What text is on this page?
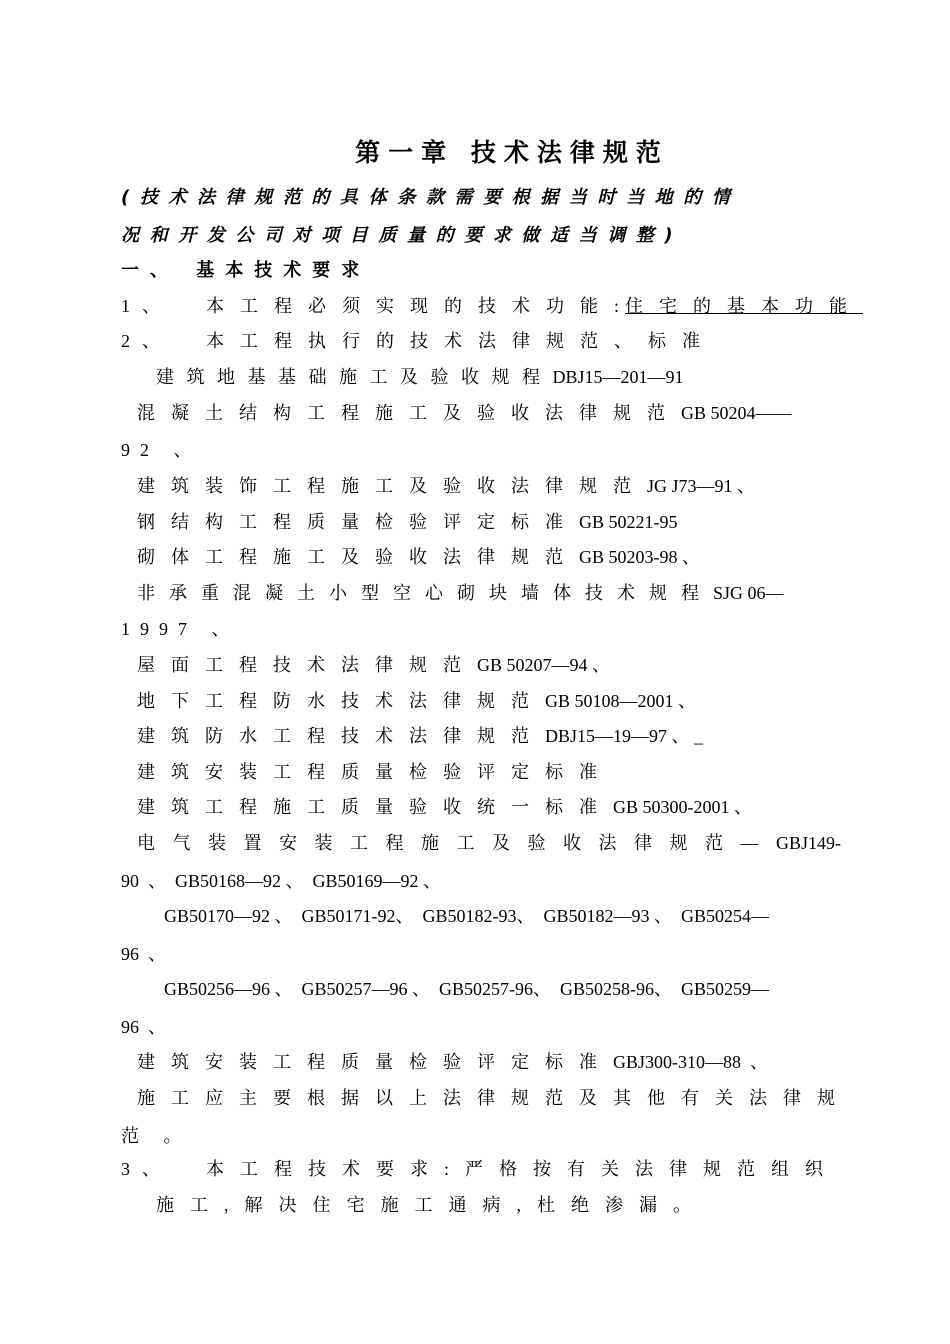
第一章 技术法律规范
(技术法律规范的具体条款需要根据当时当地的情
况和开发公司对项目质量的要求做适当调整)
一、 基本技术要求
1、 本工程必须实现的技术功能: 住宅的基本功能
2、 本工程执行的技术法律规范、标准
建筑地基基础施工及验收规程DBJ15—201—91
混凝土结构工程施工及验收法律规范GB 50204——
92 、
建筑装饰工程施工及验收法律规范JG J73—91 、
钢结构工程质量检验评定标准GB 50221-95
砌体工程施工及验收法律规范GB 50203-98 、
非承重混凝土小型空心砌块墙体技术规程SJG 06—
1997 、
屋面工程技术法律规范GB 50207—94 、
地下工程防水技术法律规范GB 50108—2001 、
建筑防水工程技术法律规范DBJ15—19—97 、 _
建筑安装工程质量检验评定标准
建筑工程施工质量验收统一标准GB 50300-2001 、
电气装置安装工程施工及验收法律规范—GBJ149-
90  、  GB50168—92 、  GB50169—92 、
GB50170—92 、  GB50171-92、  GB50182-93、  GB50182—93 、  GB50254—
96  、
GB50256—96 、  GB50257—96 、  GB50257-96、  GB50258-96、  GB50259—
96  、
建筑安装工程质量检验评定标准GBJ300-310—88  、
施工应主要根据以上法律规范及其他有关法律规
范 。
3、 本工程技术要求:严格按有关法律规范组织
施工,解决住宅施工通病,杜绝渗漏。
